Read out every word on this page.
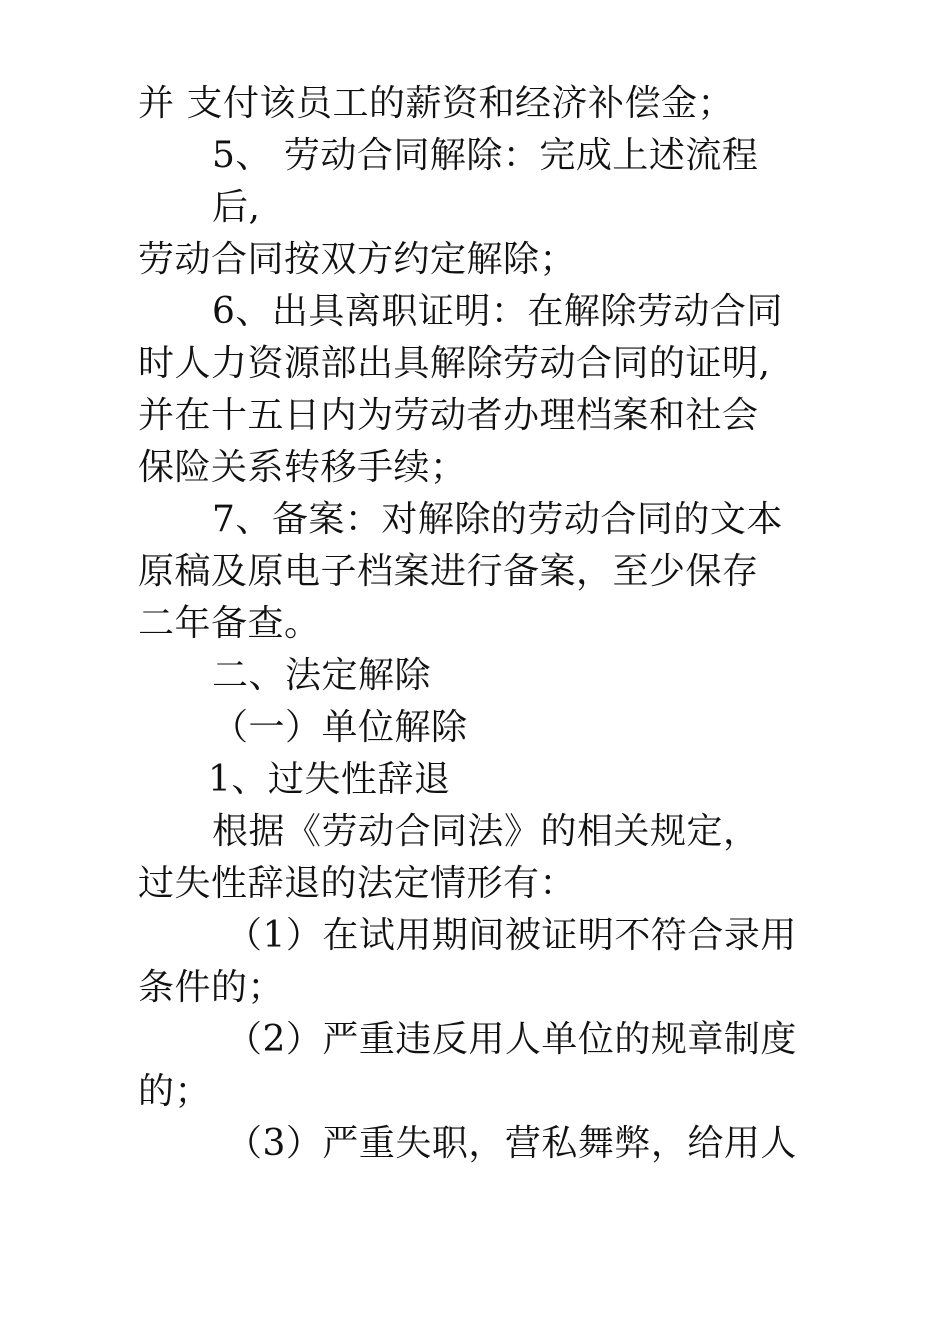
并 支付该员工的薪资和经济补偿金；
5、 劳动合同解除：完成上述流程
后,
劳动合同按双方约定解除；
6、出具离职证明：在解除劳动合同
时人力资源部出具解除劳动合同的证明,
并在十五日内为劳动者办理档案和社会
保险关系转移手续；
7、备案：对解除的劳动合同的文本
原稿及原电子档案进行备案，至少保存
二年备查。
二、法定解除
（一）单位解除
1、过失性辞退
根据《劳动合同法》的相关规定，
过失性辞退的法定情形有：
（1）在试用期间被证明不符合录用
条件的；
（2）严重违反用人单位的规章制度
的；
（3）严重失职，营私舞弊，给用人
